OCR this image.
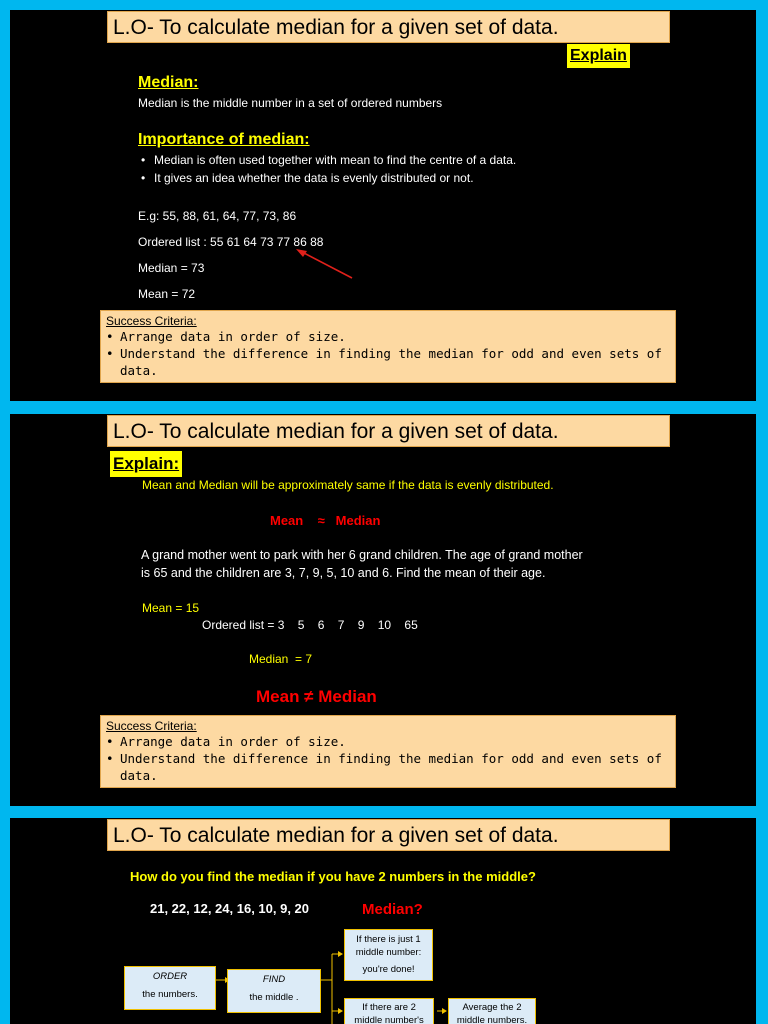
L.O- To calculate median for a given set of data.
Explain
Median:
Median is the middle number in a set of ordered numbers
Importance of median:
• Median is often used together with mean to find the centre of a data.
• It gives an idea whether the data is evenly distributed or not.
E.g: 55, 88, 61, 64, 77, 73, 86
Ordered list : 55 61 64 73 77 86 88
Median = 73
Mean = 72
Success Criteria:
• Arrange data in order of size.
• Understand the difference in finding the median for odd and even sets of data.
L.O- To calculate median for a given set of data.
Explain:
Mean and Median will be approximately same if the data is evenly distributed.
Mean    ≈   Median
A grand mother went to park with her 6 grand children. The age of grand mother
is 65 and the children are 3, 7, 9, 5, 10 and 6. Find the mean of their age.
Mean = 15
Ordered list = 3    5    6    7    9    10    65
Median  = 7
Mean ≠ Median
Success Criteria:
• Arrange data in order of size.
• Understand the difference in finding the median for odd and even sets of data.
L.O- To calculate median for a given set of data.
How do you find the median if you have 2 numbers in the middle?
21, 22, 12, 24, 16, 10, 9, 20	Median?
ORDER
the numbers.
FIND
the middle .
If there is just 1
middle number:
you're done!
If there are 2
middle number's
Average the 2
middle numbers.
